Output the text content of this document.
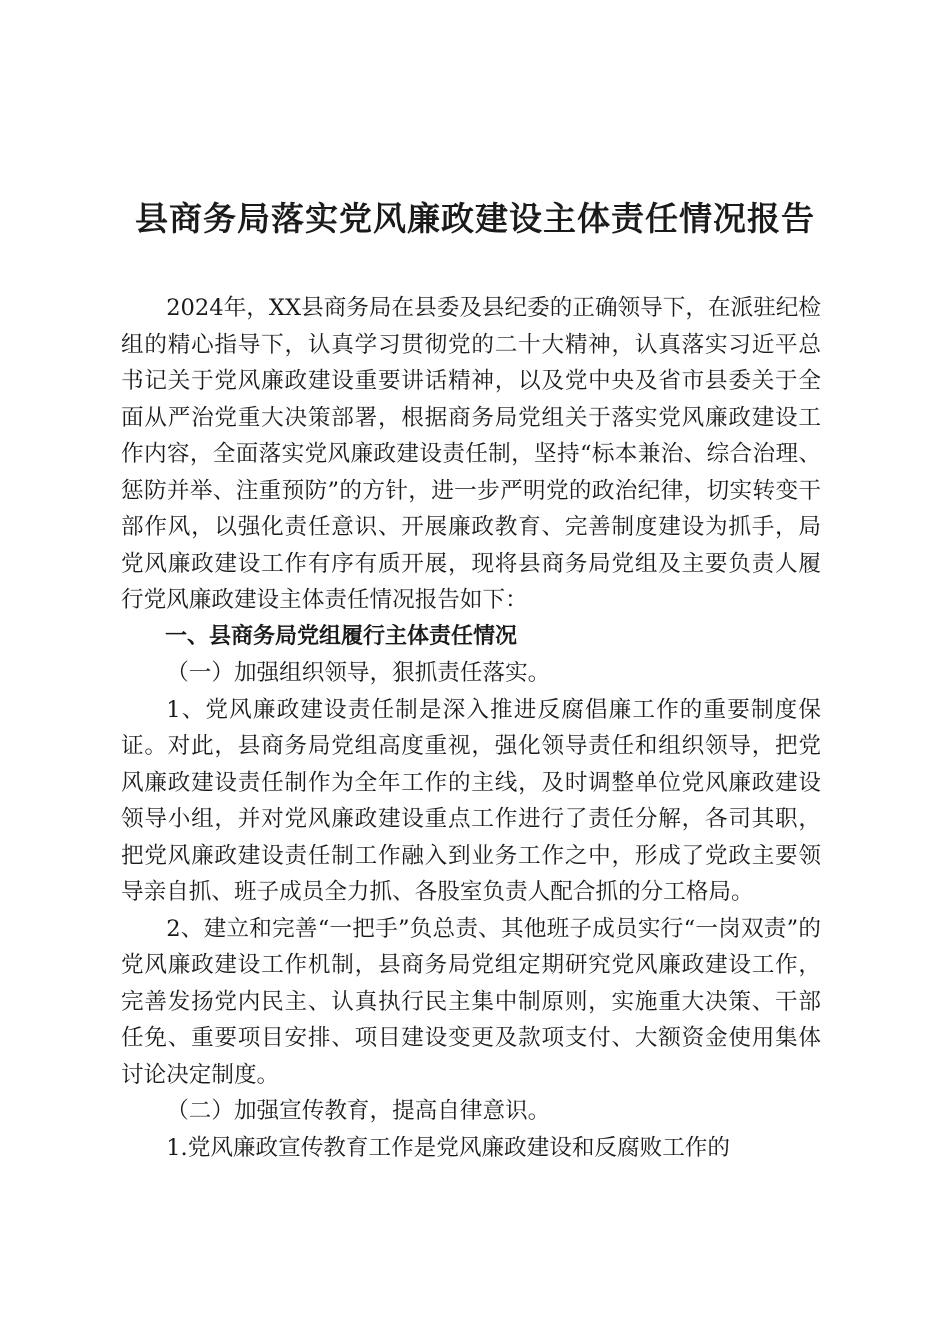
县商务局落实党风廉政建设主体责任情况报告

2024年，XX县商务局在县委及县纪委的正确领导下，在派驻纪检组的精心指导下，认真学习贯彻党的二十大精神，认真落实习近平总书记关于党风廉政建设重要讲话精神，以及党中央及省市县委关于全面从严治党重大决策部署，根据商务局党组关于落实党风廉政建设工作内容，全面落实党风廉政建设责任制，坚持“标本兼治、综合治理、惩防并举、注重预防”的方针，进一步严明党的政治纪律，切实转变干部作风，以强化责任意识、开展廉政教育、完善制度建设为抓手，局党风廉政建设工作有序有质开展，现将县商务局党组及主要负责人履行党风廉政建设主体责任情况报告如下：

一、县商务局党组履行主体责任情况

（一）加强组织领导，狠抓责任落实。

1、党风廉政建设责任制是深入推进反腐倡廉工作的重要制度保证。对此，县商务局党组高度重视，强化领导责任和组织领导，把党风廉政建设责任制作为全年工作的主线，及时调整单位党风廉政建设领导小组，并对党风廉政建设重点工作进行了责任分解，各司其职，把党风廉政建设责任制工作融入到业务工作之中，形成了党政主要领导亲自抓、班子成员全力抓、各股室负责人配合抓的分工格局。

2、建立和完善“一把手”负总责、其他班子成员实行“一岗双责”的党风廉政建设工作机制，县商务局党组定期研究党风廉政建设工作，完善发扬党内民主、认真执行民主集中制原则，实施重大决策、干部任免、重要项目安排、项目建设变更及款项支付、大额资金使用集体讨论决定制度。

（二）加强宣传教育，提高自律意识。

1.党风廉政宣传教育工作是党风廉政建设和反腐败工作的
